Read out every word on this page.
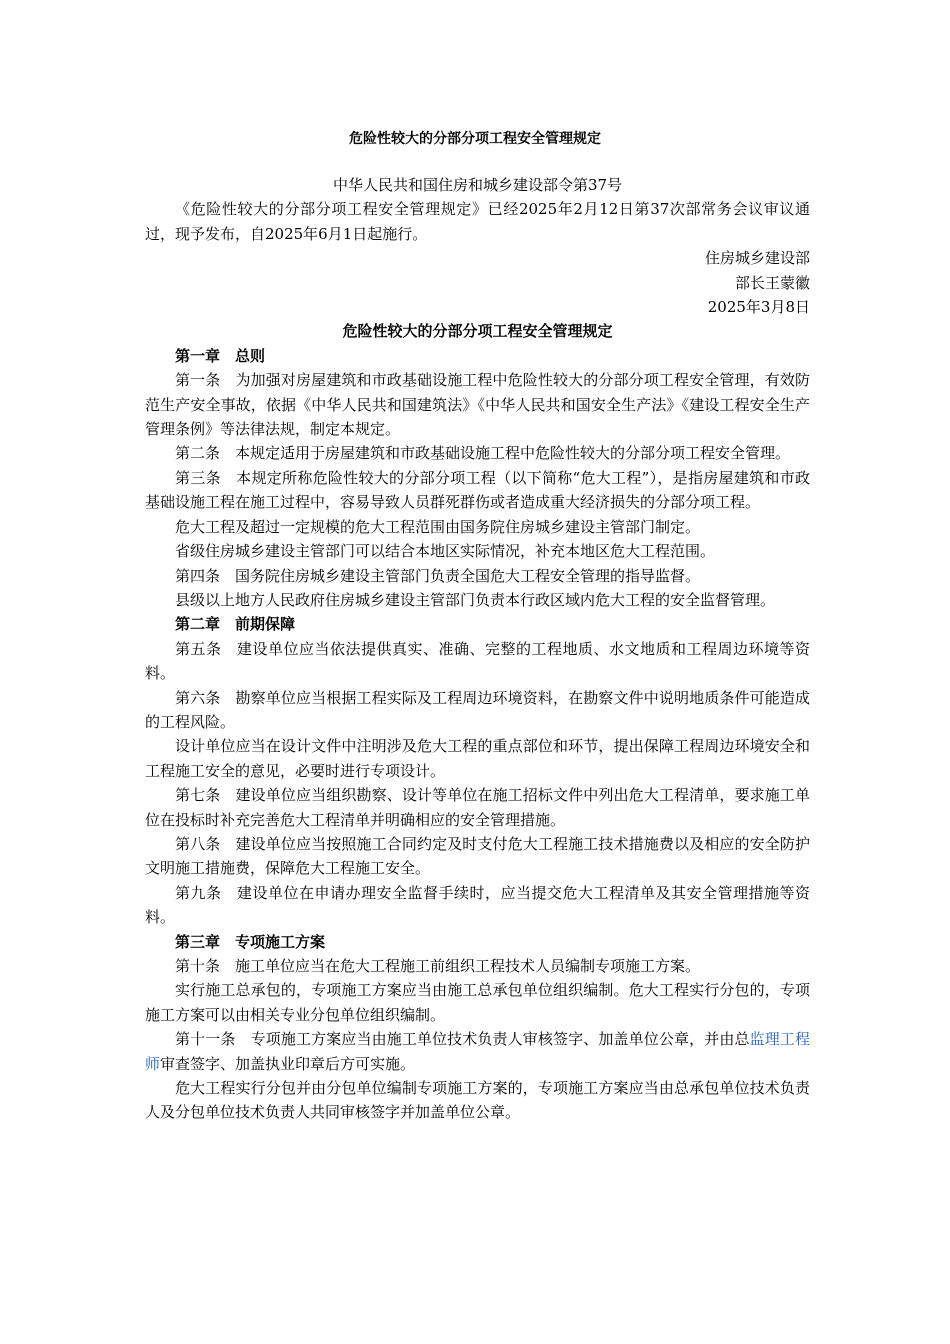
危险性较大的分部分项工程安全管理规定

中华人民共和国住房和城乡建设部令第37号

《危险性较大的分部分项工程安全管理规定》已经2025年2月12日第37次部常务会议审议通过，现予发布，自2025年6月1日起施行。

住房城乡建设部

部长王蒙徽

2025年3月8日

危险性较大的分部分项工程安全管理规定

第一章　总则

第一条　为加强对房屋建筑和市政基础设施工程中危险性较大的分部分项工程安全管理，有效防范生产安全事故，依据《中华人民共和国建筑法》《中华人民共和国安全生产法》《建设工程安全生产管理条例》等法律法规，制定本规定。

第二条　本规定适用于房屋建筑和市政基础设施工程中危险性较大的分部分项工程安全管理。

第三条　本规定所称危险性较大的分部分项工程（以下简称“危大工程”），是指房屋建筑和市政基础设施工程在施工过程中，容易导致人员群死群伤或者造成重大经济损失的分部分项工程。

危大工程及超过一定规模的危大工程范围由国务院住房城乡建设主管部门制定。

省级住房城乡建设主管部门可以结合本地区实际情况，补充本地区危大工程范围。

第四条　国务院住房城乡建设主管部门负责全国危大工程安全管理的指导监督。

县级以上地方人民政府住房城乡建设主管部门负责本行政区域内危大工程的安全监督管理。

第二章　前期保障

第五条　建设单位应当依法提供真实、准确、完整的工程地质、水文地质和工程周边环境等资料。

第六条　勘察单位应当根据工程实际及工程周边环境资料，在勘察文件中说明地质条件可能造成的工程风险。

设计单位应当在设计文件中注明涉及危大工程的重点部位和环节，提出保障工程周边环境安全和工程施工安全的意见，必要时进行专项设计。

第七条　建设单位应当组织勘察、设计等单位在施工招标文件中列出危大工程清单，要求施工单位在投标时补充完善危大工程清单并明确相应的安全管理措施。

第八条　建设单位应当按照施工合同约定及时支付危大工程施工技术措施费以及相应的安全防护文明施工措施费，保障危大工程施工安全。

第九条　建设单位在申请办理安全监督手续时，应当提交危大工程清单及其安全管理措施等资料。

第三章　专项施工方案

第十条　施工单位应当在危大工程施工前组织工程技术人员编制专项施工方案。

实行施工总承包的，专项施工方案应当由施工总承包单位组织编制。危大工程实行分包的，专项施工方案可以由相关专业分包单位组织编制。

第十一条　专项施工方案应当由施工单位技术负责人审核签字、加盖单位公章，并由总监理工程师审查签字、加盖执业印章后方可实施。

危大工程实行分包并由分包单位编制专项施工方案的，专项施工方案应当由总承包单位技术负责人及分包单位技术负责人共同审核签字并加盖单位公章。
